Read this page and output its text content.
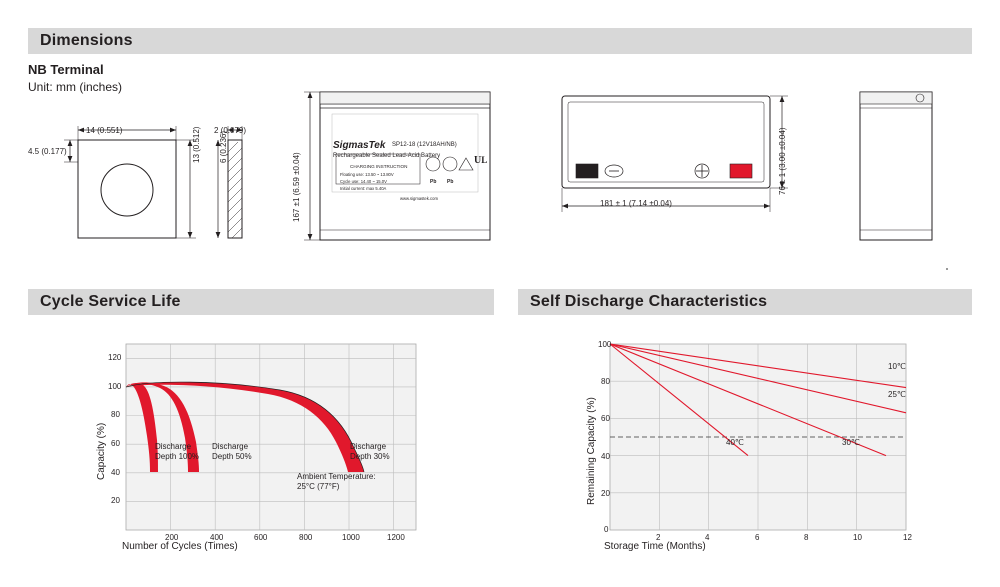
Dimensions
NB Terminal
Unit: mm (inches)
14 (0.551)
4.5 (0.177)	13 (0.512) 2 (0.079)
6 (0.236)
167 ±1 (6.59 ±0.04)
SigmasTek SP12-18 (12V18AH/NB)
Rechargeable Sealed Lead-Acid Battery
CHARGING INSTRUCTION
Floating use: 13.50 ~ 13.80V
Cycle use: 14.40 ~ 15.0V
Initial current: max 5.40A
www.sigmastek.com
Pb Pb
UL
181 ± 1 (7.14 ±0.04)
76 ± 1 (3.00 ±0.04)
Cycle Service Life
120
100
80
60
40
20
200	400	600	800	1000	1200
Capacity (%)
Number of Cycles (Times)
Discharge
Depth 100%
Discharge
Depth 50%
Discharge
Depth 30%
Ambient Temperature:
25°C (77°F)
Self Discharge Characteristics
100
80
60
40
20
0
2	4	6	8	10	12
Remaining Capacity (%)
Storage Time (Months)
10℃
25℃
30℃
40℃
